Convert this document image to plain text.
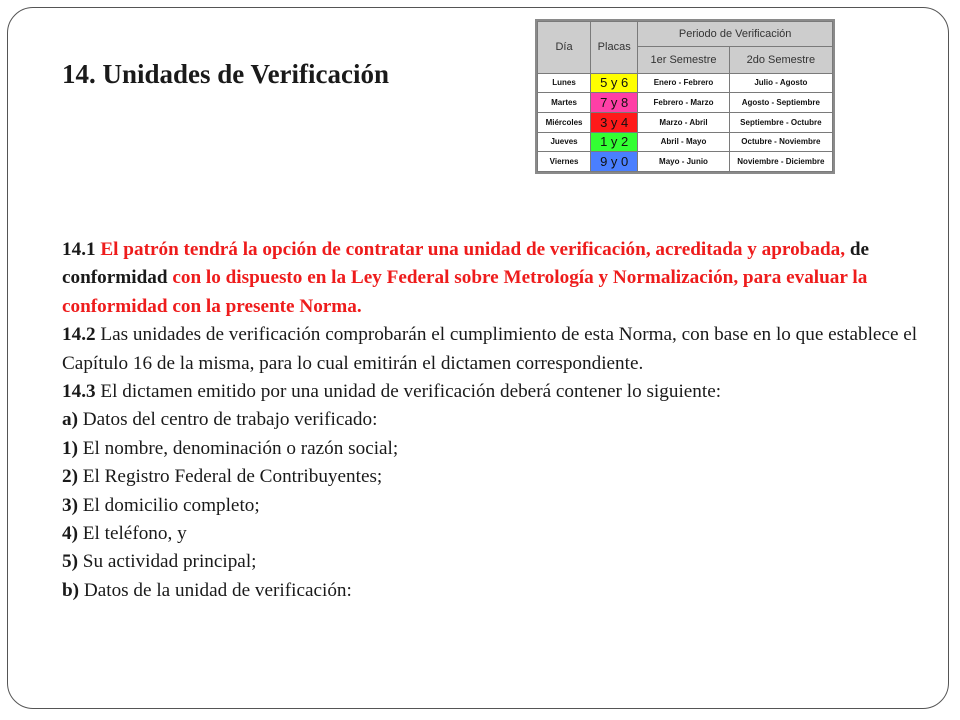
14. Unidades de Verificación
Día	Placas	Periodo de Verificación	
		1er Semestre	2do Semestre
Lunes	5 y 6	Enero - Febrero	Julio - Agosto
Martes	7 y 8	Febrero - Marzo	Agosto - Septiembre
Miércoles	3 y 4	Marzo - Abril	Septiembre - Octubre
Jueves	1 y 2	Abril - Mayo	Octubre - Noviembre
Viernes	9 y 0	Mayo - Junio	Noviembre - Diciembre

14.1 El patrón tendrá la opción de contratar una unidad de verificación, acreditada y aprobada, de conformidad con lo dispuesto en la Ley Federal sobre Metrología y Normalización, para evaluar la conformidad con la presente Norma.

14.2 Las unidades de verificación comprobarán el cumplimiento de esta Norma, con base en lo que establece el Capítulo 16 de la misma, para lo cual emitirán el dictamen correspondiente.

14.3 El dictamen emitido por una unidad de verificación deberá contener lo siguiente:

a) Datos del centro de trabajo verificado:

1) El nombre, denominación o razón social;

2) El Registro Federal de Contribuyentes;

3) El domicilio completo;

4) El teléfono, y

5) Su actividad principal;

b) Datos de la unidad de verificación:
